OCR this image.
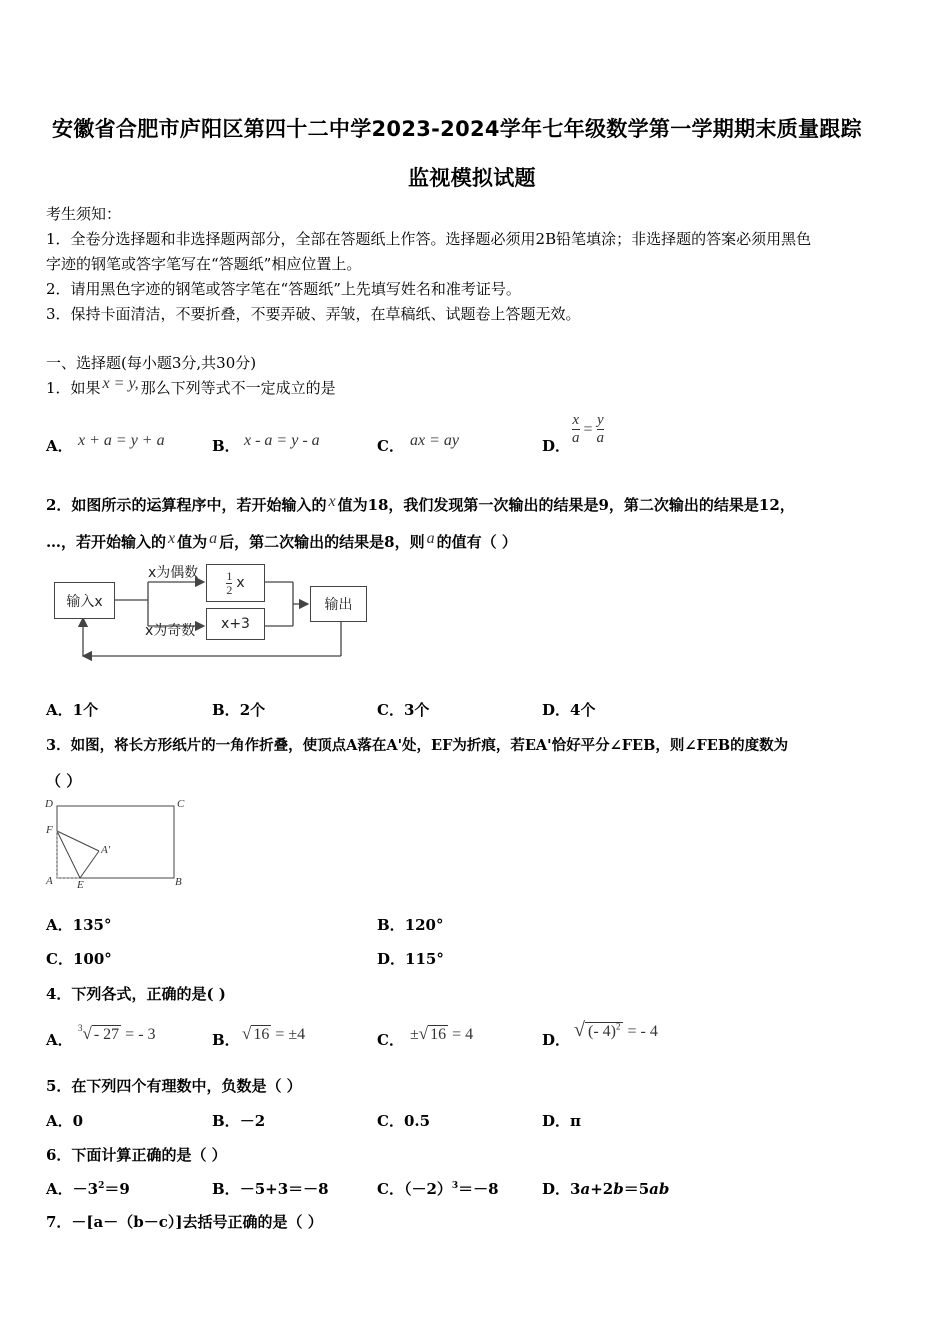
安徽省合肥市庐阳区第四十二中学2023-2024学年七年级数学第一学期期末质量跟踪
监视模拟试题
考生须知：
1．全卷分选择题和非选择题两部分，全部在答题纸上作答。选择题必须用2B铅笔填涂；非选择题的答案必须用黑色
字迹的钢笔或答字笔写在“答题纸”相应位置上。
2．请用黑色字迹的钢笔或答字笔在“答题纸”上先填写姓名和准考证号。
3．保持卡面清洁，不要折叠，不要弄破、弄皱，在草稿纸、试题卷上答题无效。
一、选择题(每小题3分,共30分)
1．如果 x = y, 那么下列等式不一定成立的是
A． x + a = y + a	B． x - a = y - a	C． ax = ay	D． $\frac{x}{a} = \frac{y}{a}$
2．如图所示的运算程序中，若开始输入的 x 值为18，我们发现第一次输出的结果是9，第二次输出的结果是12，
…，若开始输入的 x 值为 a 后，第二次输出的结果是8，则 a 的值有（ ）
输入x
x为偶数
x为奇数
$\frac{1}{2}$ x
x+3
输出
A．1个	B．2个	C．3个	D．4个
3．如图，将长方形纸片的一角作折叠，使顶点A落在A'处，EF为折痕，若EA'恰好平分∠FEB，则∠FEB的度数为
（ ）
D	C
F
A'
A E	B
A．135°	B．120°
C．100°	D．115°
4．下列各式，正确的是( )
A．
$^3$√ - 27 = - 3	B． √ 16 = ±4	C． ±√ 16 = 4	D． √ (- 4)$^2$ = - 4
5．在下列四个有理数中，负数是（ ）
A．0	B．－2	C．0.5	D．π
6．下面计算正确的是（ ）
A．$-3^2=9$	B．－5+3＝－8	C．$(-2)^3=-8$	D．3a+2b＝5ab
7．－[a－（b－c）]去括号正确的是（ ）
